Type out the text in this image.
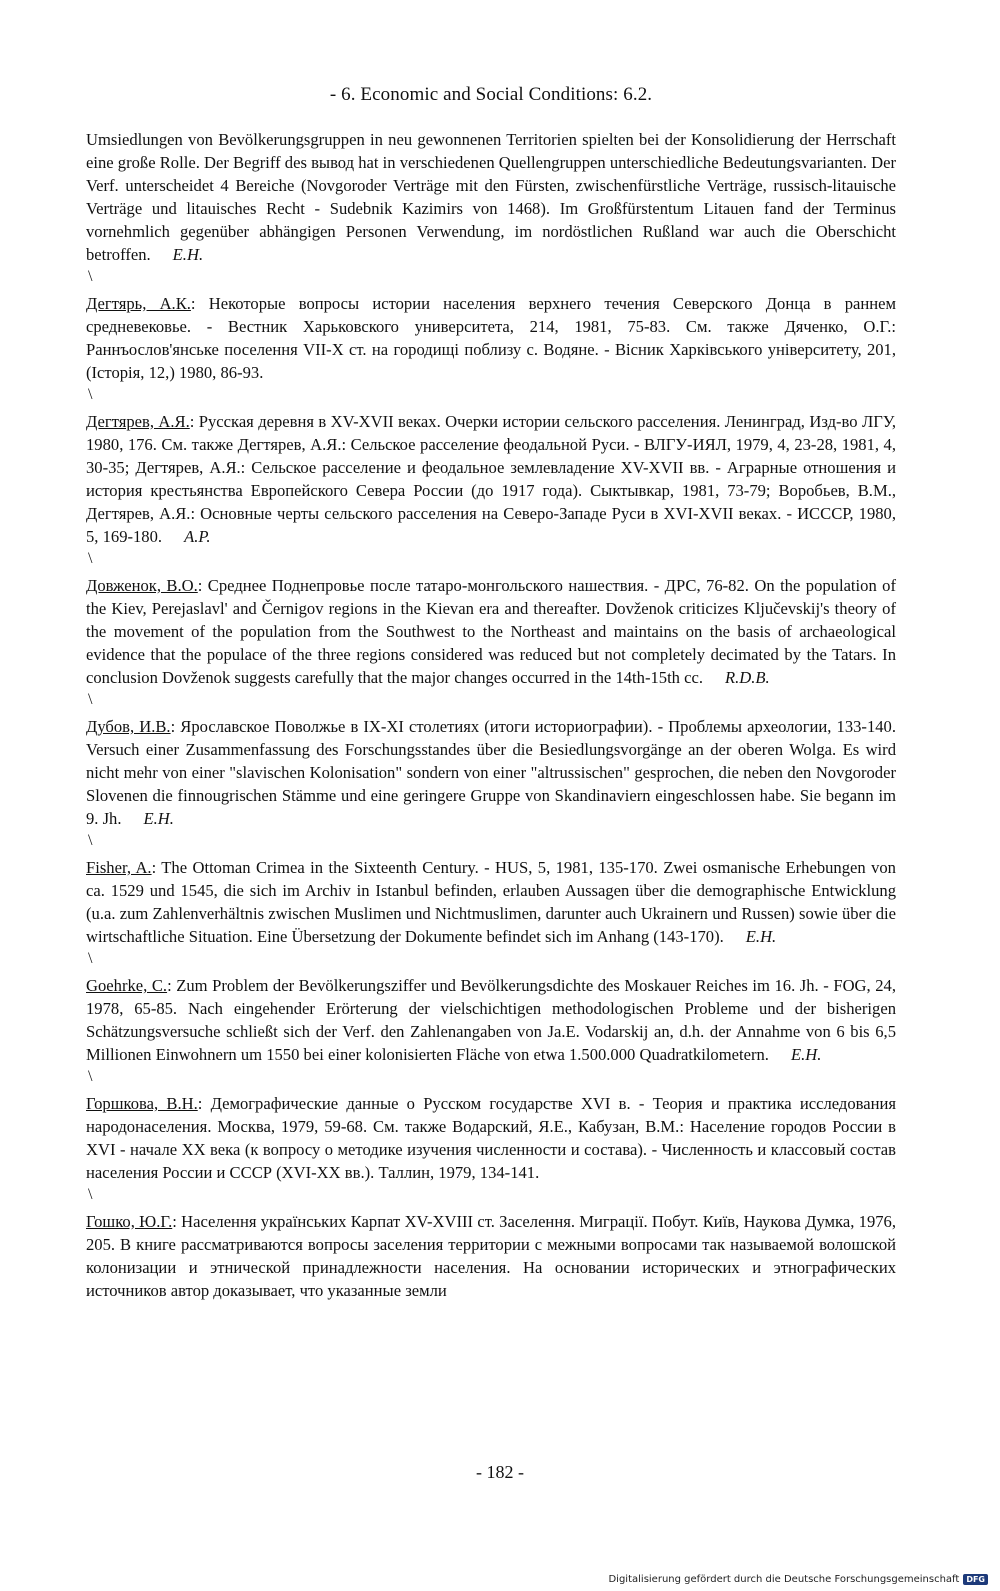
- 6. Economic and Social Conditions: 6.2.

Umsiedlungen von Bevölkerungsgruppen in neu gewonnenen Territorien spielten bei der Konsolidierung der Herrschaft eine große Rolle. Der Begriff des вывод hat in verschiedenen Quellengruppen unterschiedliche Bedeutungsvarianten. Der Verf. unterscheidet 4 Bereiche (Novgoroder Verträge mit den Fürsten, zwischenfürstliche Verträge, russisch-litauische Verträge und litauisches Recht - Sudebnik Kazimirs von 1468). Im Großfürstentum Litauen fand der Terminus vornehmlich gegenüber abhängigen Personen Verwendung, im nordöstlichen Rußland war auch die Oberschicht betroffen. E.H.

\

Дегтярь, А.К.: Некоторые вопросы истории населения верхнего течения Северского Донца в раннем средневековье. - Вестник Харьковского университета, 214, 1981, 75-83. См. также Дяченко, О.Г.: Раннъослов'янське поселення VII-X ст. на городищі поблизу с. Водяне. - Вісник Харківського університету, 201, (Історія, 12,) 1980, 86-93.

\

Дегтярев, А.Я.: Русская деревня в XV-XVII веках. Очерки истории сельского расселения. Ленинград, Изд-во ЛГУ, 1980, 176. См. также Дегтярев, А.Я.: Сельское расселение феодальной Руси. - ВЛГУ-ИЯЛ, 1979, 4, 23-28, 1981, 4, 30-35; Дегтярев, А.Я.: Сельское расселение и феодальное землевладение XV-XVII вв. - Аграрные отношения и история крестьянства Европейского Севера России (до 1917 года). Сыктывкар, 1981, 73-79; Воробьев, В.М., Дегтярев, А.Я.: Основные черты сельского расселения на Северо-Западе Руси в XVI-XVII веках. - ИСССР, 1980, 5, 169-180. A.P.

\

Довженок, В.О.: Среднее Поднепровье после татаро-монгольского нашествия. - ДРС, 76-82. On the population of the Kiev, Perejaslavl' and Černigov regions in the Kievan era and thereafter. Dovženok criticizes Ključevskij's theory of the movement of the population from the Southwest to the Northeast and maintains on the basis of archaeological evidence that the populace of the three regions considered was reduced but not completely decimated by the Tatars. In conclusion Dovženok suggests carefully that the major changes occurred in the 14th-15th cc. R.D.B.

\

Дубов, И.В.: Ярославское Поволжье в IX-XI столетиях (итоги историографии). - Проблемы археологии, 133-140. Versuch einer Zusammenfassung des Forschungsstandes über die Besiedlungsvorgänge an der oberen Wolga. Es wird nicht mehr von einer "slavischen Kolonisation" sondern von einer "altrussischen" gesprochen, die neben den Novgoroder Slovenen die finnougrischen Stämme und eine geringere Gruppe von Skandinaviern eingeschlossen habe. Sie begann im 9. Jh. E.H.

\

Fisher, A.: The Ottoman Crimea in the Sixteenth Century. - HUS, 5, 1981, 135-170. Zwei osmanische Erhebungen von ca. 1529 und 1545, die sich im Archiv in Istanbul befinden, erlauben Aussagen über die demographische Entwicklung (u.a. zum Zahlenverhältnis zwischen Muslimen und Nichtmuslimen, darunter auch Ukrainern und Russen) sowie über die wirtschaftliche Situation. Eine Übersetzung der Dokumente befindet sich im Anhang (143-170). E.H.

\

Goehrke, C.: Zum Problem der Bevölkerungsziffer und Bevölkerungsdichte des Moskauer Reiches im 16. Jh. - FOG, 24, 1978, 65-85. Nach eingehender Erörterung der vielschichtigen methodologischen Probleme und der bisherigen Schätzungsversuche schließt sich der Verf. den Zahlenangaben von Ja.E. Vodarskij an, d.h. der Annahme von 6 bis 6,5 Millionen Einwohnern um 1550 bei einer kolonisierten Fläche von etwa 1.500.000 Quadratkilometern. E.H.

\

Горшкова, В.Н.: Демографические данные о Русском государстве XVI в. - Теория и практика исследования народонаселения. Москва, 1979, 59-68. См. также Водарский, Я.Е., Кабузан, В.М.: Население городов России в XVI - начале XX века (к вопросу о методике изучения численности и состава). - Численность и классовый состав населения России и СССР (XVI-XX вв.). Таллин, 1979, 134-141.

\

Гошко, Ю.Г.: Населення українських Карпат XV-XVIII ст. Заселення. Миграції. Побут. Київ, Наукова Думка, 1976, 205. В книге рассматриваются вопросы заселения территории с межными вопросами так называемой волошской колонизации и этнической принадлежности населения. На основании исторических и этнографических источников автор доказывает, что указанные земли

- 182 -
Digitalisierung gefördert durch die Deutsche Forschungsgemeinschaft DFG
